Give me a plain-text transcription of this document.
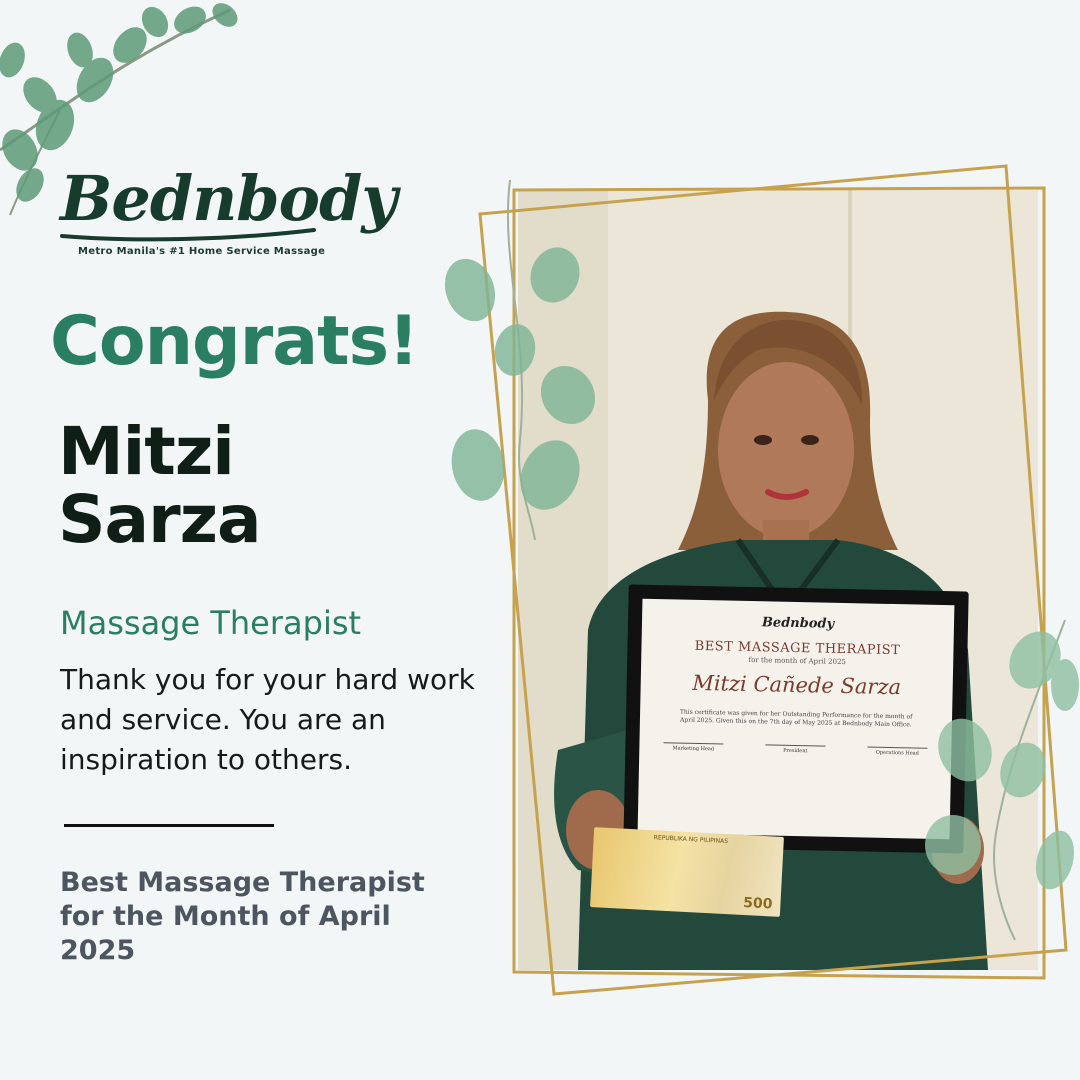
Bednbody
Metro Manila's #1 Home Service Massage
Congrats!
Mitzi
Sarza
Massage Therapist
Thank you for your hard work and service. You are an inspiration to others.
Best Massage Therapist for the Month of April 2025
Bednbody
BEST MASSAGE THERAPIST
for the month of April 2025
Mitzi Cañede Sarza
This certificate was given for her Outstanding Performance for the month of April 2025. Given this on the 7th day of May 2025 at Bednbody Main Office.
Marketing Head	President	Operations Head
REPUBLIKA NG PILIPINAS
500
